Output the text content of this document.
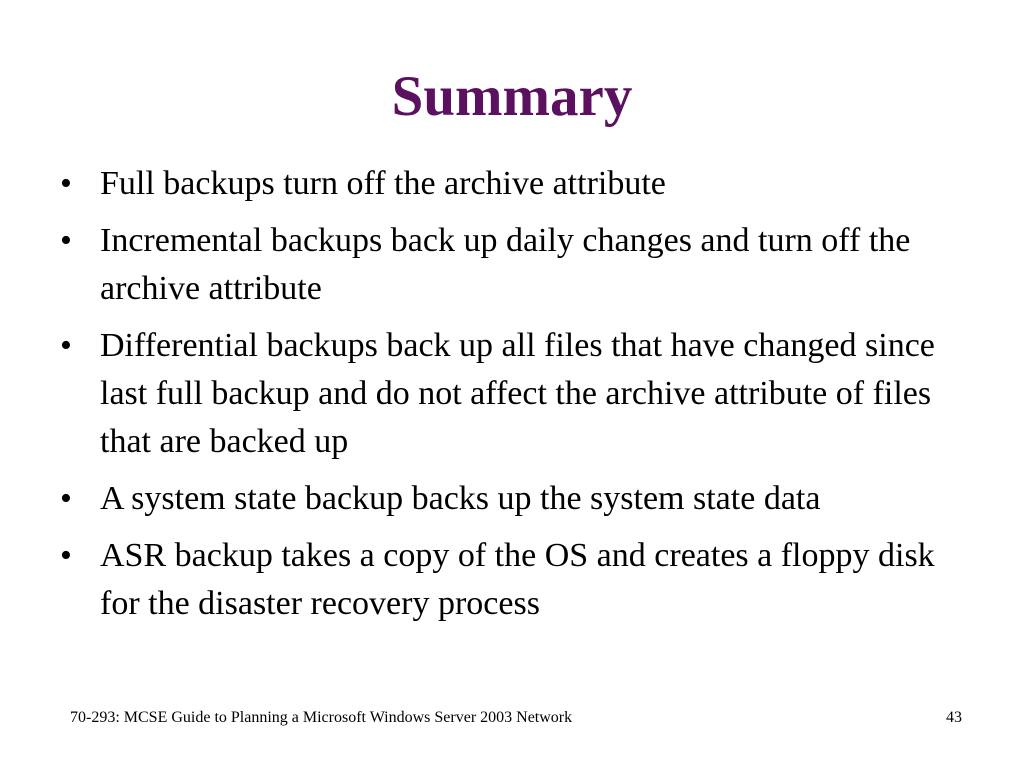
Summary
• Full backups turn off the archive attribute
• Incremental backups back up daily changes and turn off the archive attribute
• Differential backups back up all files that have changed since last full backup and do not affect the archive attribute of files that are backed up
• A system state backup backs up the system state data
• ASR backup takes a copy of the OS and creates a floppy disk for the disaster recovery process
70-293: MCSE Guide to Planning a Microsoft Windows Server 2003 Network	43
